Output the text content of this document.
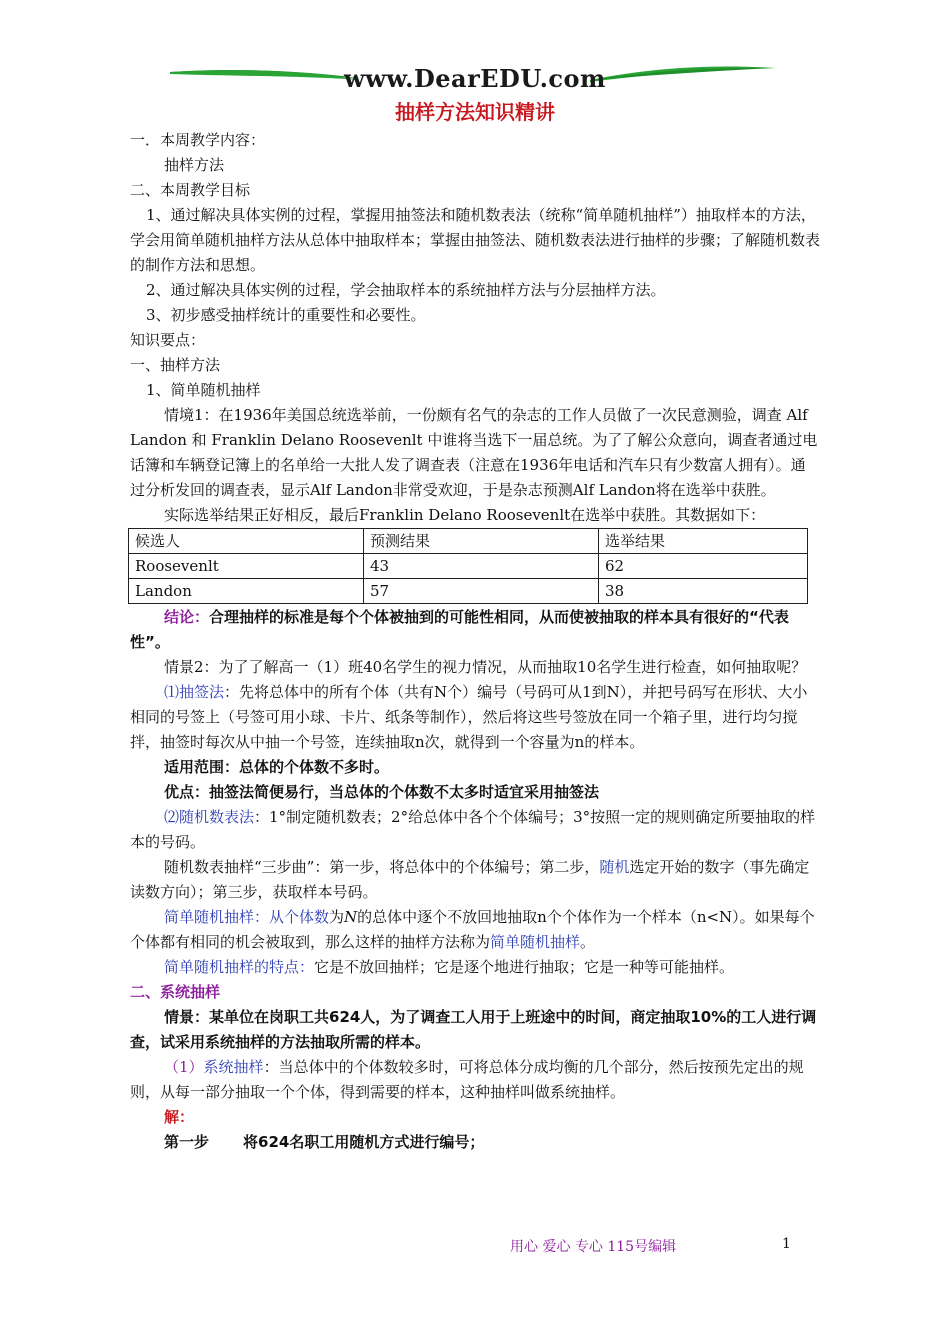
www.DearEDU.com
抽样方法知识精讲

一．本周教学内容：

抽样方法

二、本周教学目标

1、通过解决具体实例的过程，掌握用抽签法和随机数表法（统称“简单随机抽样”）抽取样本的方法，学会用简单随机抽样方法从总体中抽取样本；掌握由抽签法、随机数表法进行抽样的步骤；了解随机数表的制作方法和思想。

2、通过解决具体实例的过程，学会抽取样本的系统抽样方法与分层抽样方法。

3、初步感受抽样统计的重要性和必要性。

知识要点：

一、抽样方法

1、简单随机抽样

情境1：在1936年美国总统选举前，一份颇有名气的杂志的工作人员做了一次民意测验，调查 Alf Landon 和 Franklin Delano Roosevenlt 中谁将当选下一届总统。为了了解公众意向，调查者通过电话簿和车辆登记簿上的名单给一大批人发了调查表（注意在1936年电话和汽车只有少数富人拥有）。通过分析发回的调查表，显示Alf Landon非常受欢迎，于是杂志预测Alf Landon将在选举中获胜。

实际选举结果正好相反，最后Franklin Delano Roosevenlt在选举中获胜。其数据如下：

候选人	预测结果	选举结果
Roosevenlt	43	62
Landon	57	38

结论：合理抽样的标准是每个个体被抽到的可能性相同，从而使被抽取的样本具有很好的“代表性”。

情景2：为了了解高一（1）班40名学生的视力情况，从而抽取10名学生进行检查，如何抽取呢？

⑴抽签法：先将总体中的所有个体（共有N个）编号（号码可从1到N），并把号码写在形状、大小相同的号签上（号签可用小球、卡片、纸条等制作），然后将这些号签放在同一个箱子里，进行均匀搅拌，抽签时每次从中抽一个号签，连续抽取n次，就得到一个容量为n的样本。

适用范围：总体的个体数不多时。

优点：抽签法简便易行，当总体的个体数不太多时适宜采用抽签法

⑵随机数表法：1°制定随机数表；2°给总体中各个个体编号；3°按照一定的规则确定所要抽取的样本的号码。

随机数表抽样“三步曲”：第一步，将总体中的个体编号；第二步，随机选定开始的数字（事先确定读数方向）；第三步，获取样本号码。

简单随机抽样：从个体数为N的总体中逐个不放回地抽取n个个体作为一个样本（n<N）。如果每个个体都有相同的机会被取到，那么这样的抽样方法称为简单随机抽样。

简单随机抽样的特点：它是不放回抽样；它是逐个地进行抽取；它是一种等可能抽样。

二、系统抽样

情景：某单位在岗职工共624人，为了调查工人用于上班途中的时间，商定抽取10%的工人进行调查，试采用系统抽样的方法抽取所需的样本。

（1）系统抽样：当总体中的个体数较多时，可将总体分成均衡的几个部分，然后按预先定出的规则，从每一部分抽取一个个体，得到需要的样本，这种抽样叫做系统抽样。

解：

第一步 将624名职工用随机方式进行编号；

用心 爱心 专心 115号编辑	1
